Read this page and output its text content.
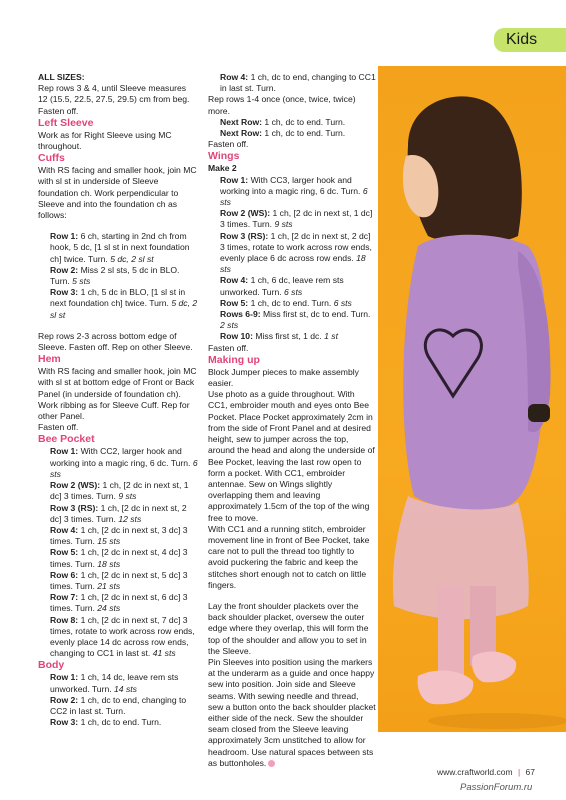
Kids

ALL SIZES:

Rep rows 3 & 4, until Sleeve measures 12 (15.5, 22.5, 27.5, 29.5) cm from beg.

Fasten off.

Left Sleeve

Work as for Right Sleeve using MC throughout.

Cuffs

With RS facing and smaller hook, join MC with sl st in underside of Sleeve foundation ch. Work perpendicular to Sleeve and into the foundation ch as follows:

Row 1: 6 ch, starting in 2nd ch from hook, 5 dc, [1 sl st in next foundation ch] twice. Turn. 5 dc, 2 sl st

Row 2: Miss 2 sl sts, 5 dc in BLO. Turn. 5 sts

Row 3: 1 ch, 5 dc in BLO, [1 sl st in next foundation ch] twice. Turn. 5 dc, 2 sl st

Rep rows 2-3 across bottom edge of Sleeve. Fasten off. Rep on other Sleeve.

Hem

With RS facing and smaller hook, join MC with sl st at bottom edge of Front or Back Panel (in underside of foundation ch). Work ribbing as for Sleeve Cuff. Rep for other Panel.

Fasten off.

Bee Pocket

Row 1: With CC2, larger hook and working into a magic ring, 6 dc. Turn. 6 sts

Row 2 (WS): 1 ch, [2 dc in next st, 1 dc] 3 times. Turn. 9 sts

Row 3 (RS): 1 ch, [2 dc in next st, 2 dc] 3 times. Turn. 12 sts

Row 4: 1 ch, [2 dc in next st, 3 dc] 3 times. Turn. 15 sts

Row 5: 1 ch, [2 dc in next st, 4 dc] 3 times. Turn. 18 sts

Row 6: 1 ch, [2 dc in next st, 5 dc] 3 times. Turn. 21 sts

Row 7: 1 ch, [2 dc in next st, 6 dc] 3 times. Turn. 24 sts

Row 8: 1 ch, [2 dc in next st, 7 dc] 3 times, rotate to work across row ends, evenly place 14 dc across row ends, changing to CC1 in last st. 41 sts

Body

Row 1: 1 ch, 14 dc, leave rem sts unworked. Turn. 14 sts

Row 2: 1 ch, dc to end, changing to CC2 in last st. Turn.

Row 3: 1 ch, dc to end. Turn.

Row 4: 1 ch, dc to end, changing to CC1 in last st. Turn.

Rep rows 1-4 once (once, twice, twice) more.

Next Row: 1 ch, dc to end. Turn.

Next Row: 1 ch, dc to end. Turn.

Fasten off.

Wings

Make 2

Row 1: With CC3, larger hook and working into a magic ring, 6 dc. Turn. 6 sts

Row 2 (WS): 1 ch, [2 dc in next st, 1 dc] 3 times. Turn. 9 sts

Row 3 (RS): 1 ch, [2 dc in next st, 2 dc] 3 times, rotate to work across row ends, evenly place 6 dc across row ends. 18 sts

Row 4: 1 ch, 6 dc, leave rem sts unworked. Turn. 6 sts

Row 5: 1 ch, dc to end. Turn. 6 sts

Rows 6-9: Miss first st, dc to end. Turn. 2 sts

Row 10: Miss first st, 1 dc. 1 st

Fasten off.

Making up

Block Jumper pieces to make assembly easier.

Use photo as a guide throughout. With CC1, embroider mouth and eyes onto Bee Pocket. Place Pocket approximately 2cm in from the side of Front Panel and at desired height, sew to jumper across the top, around the head and along the underside of Bee Pocket, leaving the last row open to form a pocket. With CC1, embroider antennae. Sew on Wings slightly overlapping them and leaving approximately 1.5cm of the top of the wing free to move.

With CC1 and a running stitch, embroider movement line in front of Bee Pocket, take care not to pull the thread too tightly to avoid puckering the fabric and keep the stitches short enough not to catch on little fingers.

Lay the front shoulder plackets over the back shoulder placket, oversew the outer edge where they overlap, this will form the top of the shoulder and allow you to set in the Sleeve.

Pin Sleeves into position using the markers at the underarm as a guide and once happy sew into position. Join side and Sleeve seams. With sewing needle and thread, sew a button onto the back shoulder placket either side of the neck. Sew the shoulder seam closed from the Sleeve leaving approximately 3cm unstitched to allow for headroom. Use natural spaces between sts as buttonholes.

www.craftworld.com | 67
PassionForum.ru
